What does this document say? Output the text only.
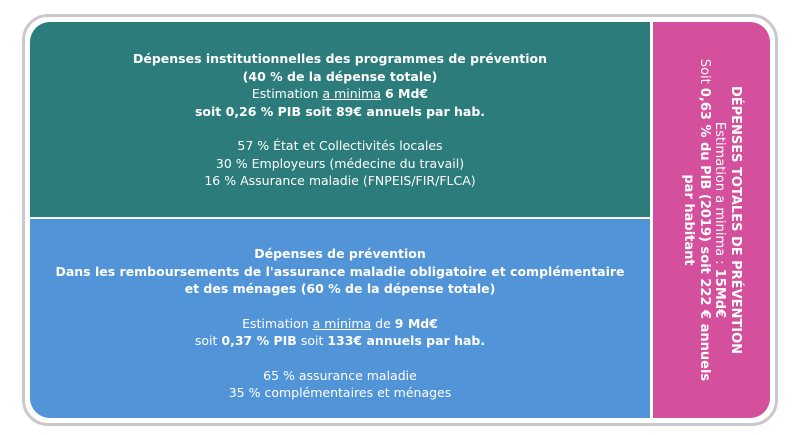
Dépenses institutionnelles des programmes de prévention
(40 % de la dépense totale)
Estimation a minima 6 Md€
soit 0,26 % PIB soit 89€ annuels par hab.
57 % État et Collectivités locales
30 % Employeurs (médecine du travail)
16 % Assurance maladie (FNPEIS/FIR/FLCA)
Dépenses de prévention
Dans les remboursements de l'assurance maladie obligatoire et complémentaire
et des ménages (60 % de la dépense totale)
Estimation a minima de 9 Md€
soit 0,37 % PIB soit 133€ annuels par hab.
65 % assurance maladie
35 % complémentaires et ménages
DÉPENSES TOTALES DE PRÉVENTION
Estimation a minima : 15Md€
Soit 0,63 % du PIB (2019) soit 222 € annuels
par habitant
